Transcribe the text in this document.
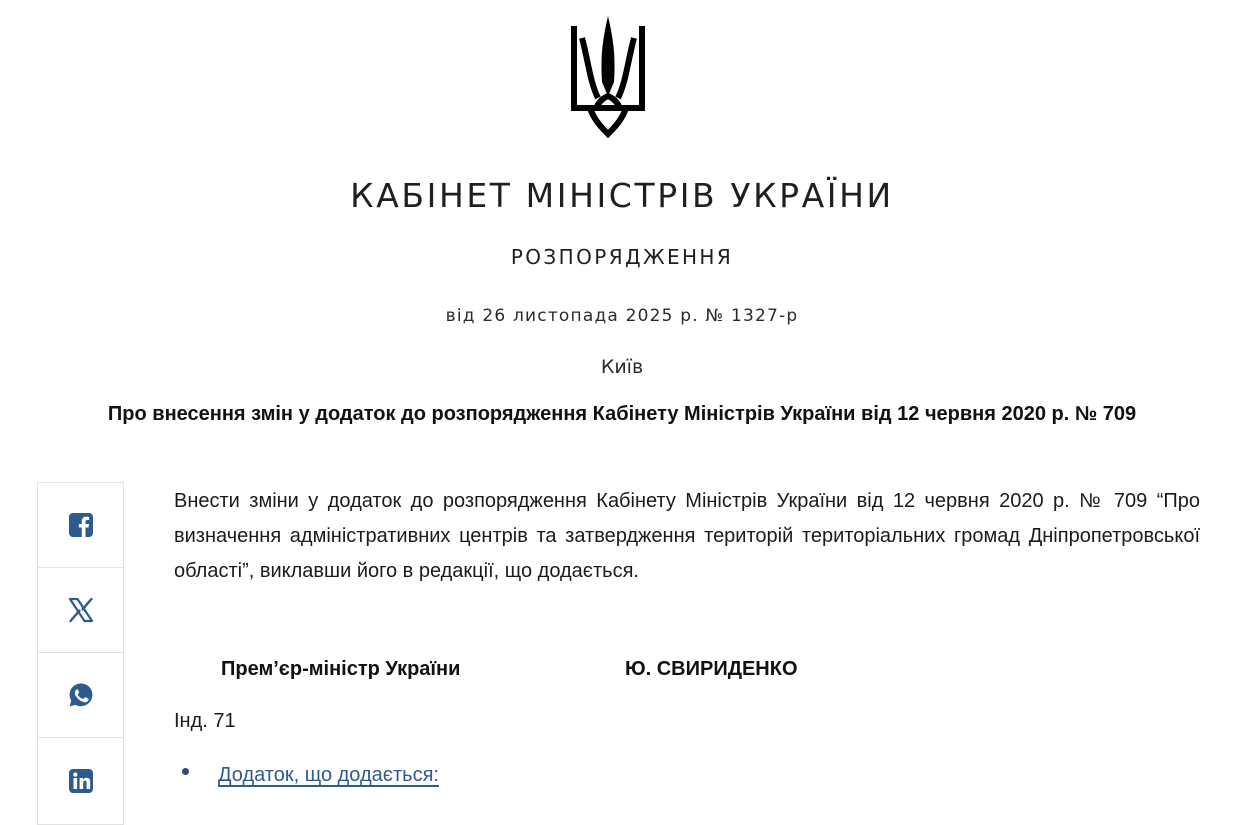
КАБІНЕТ МІНІСТРІВ УКРАЇНИ
РОЗПОРЯДЖЕННЯ
від 26 листопада 2025 р. № 1327-р
Київ
Про внесення змін у додаток до розпорядження Кабінету Міністрів України від 12 червня 2020 р. № 709

Внести зміни у додаток до розпорядження Кабінету Міністрів України від 12 червня 2020 р. № 709 “Про визначення адміністративних центрів та затвердження територій територіальних громад Дніпропетровської області”, виклавши його в редакції, що додається.

Прем’єр-міністр України	Ю. СВИРИДЕНКО
Інд. 71
Додаток, що додається:
